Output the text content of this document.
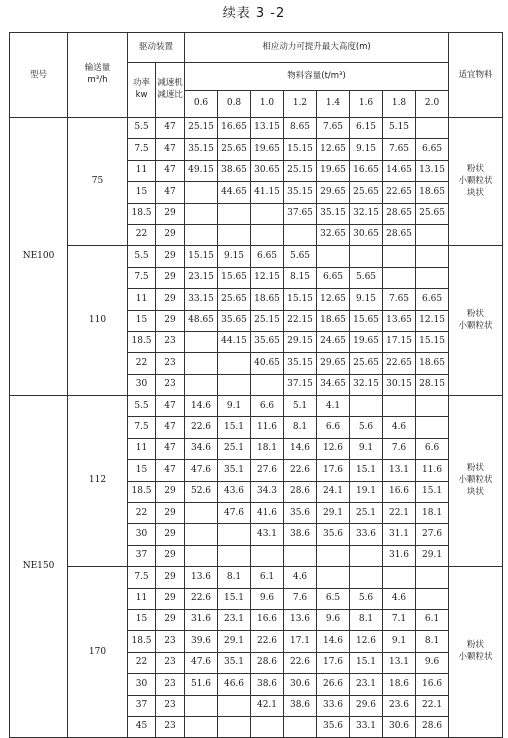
续表 3 -2
型号	输送量
m³/h	驱动装置		相应动力可提升最大高度(m)								适宜物料

		功率
kw	减速机
减速比	物料容量(t/m³)								
				0.6	0.8	1.0	1.2	1.4	1.6	1.8	2.0	
NE100	75	5.5	47	25.15	16.65	13.15	8.65	7.65	6.15	5.15		粉状
小颗粒状
块状

		7.5	47	35.15	25.65	19.65	15.15	12.65	9.15	7.65	6.65	
		11	47	49.15	38.65	30.65	25.15	19.65	16.65	14.65	13.15	
		15	47		44.65	41.15	35.15	29.65	25.65	22.65	18.65	
		18.5	29				37.65	35.15	32.15	28.65	25.65	
		22	29					32.65	30.65	28.65		
	110	5.5	29	15.15	9.15	6.65	5.65					粉状
小颗粒状

		7.5	29	23.15	15.65	12.15	8.15	6.65	5.65			
		11	29	33.15	25.65	18.65	15.15	12.65	9.15	7.65	6.65	
		15	29	48.65	35.65	25.15	22.15	18.65	15.65	13.65	12.15	
		18.5	23		44.15	35.65	29.15	24.65	19.65	17.15	15.15	
		22	23			40.65	35.15	29.65	25.65	22.65	18.65	
		30	23				37.15	34.65	32.15	30.15	28.15	
NE150	112	5.5	47	14.6	9.1	6.6	5.1	4.1				粉状
小颗粒状
块状

		7.5	47	22.6	15.1	11.6	8.1	6.6	5.6	4.6		
		11	47	34.6	25.1	18.1	14.6	12.6	9.1	7.6	6.6	
		15	47	47.6	35.1	27.6	22.6	17.6	15.1	13.1	11.6	
		18.5	29	52.6	43.6	34.3	28.6	24.1	19.1	16.6	15.1	
		22	29		47.6	41.6	35.6	29.1	25.1	22.1	18.1	
		30	29			43.1	38.6	35.6	33.6	31.1	27.6	
		37	29							31.6	29.1	
	170	7.5	29	13.6	8.1	6.1	4.6					粉状
小颗粒状

		11	29	22.6	15.1	9.6	7.6	6.5	5.6	4.6		
		15	29	31.6	23.1	16.6	13.6	9.6	8.1	7.1	6.1	
		18.5	23	39.6	29.1	22.6	17.1	14.6	12.6	9.1	8.1	
		22	23	47.6	35.1	28.6	22.6	17.6	15.1	13.1	9.6	
		30	23	51.6	46.6	38.6	30.6	26.6	23.1	18.6	16.6	
		37	23			42.1	38.6	33.6	29.6	23.6	22.1	
		45	23					35.6	33.1	30.6	28.6	
